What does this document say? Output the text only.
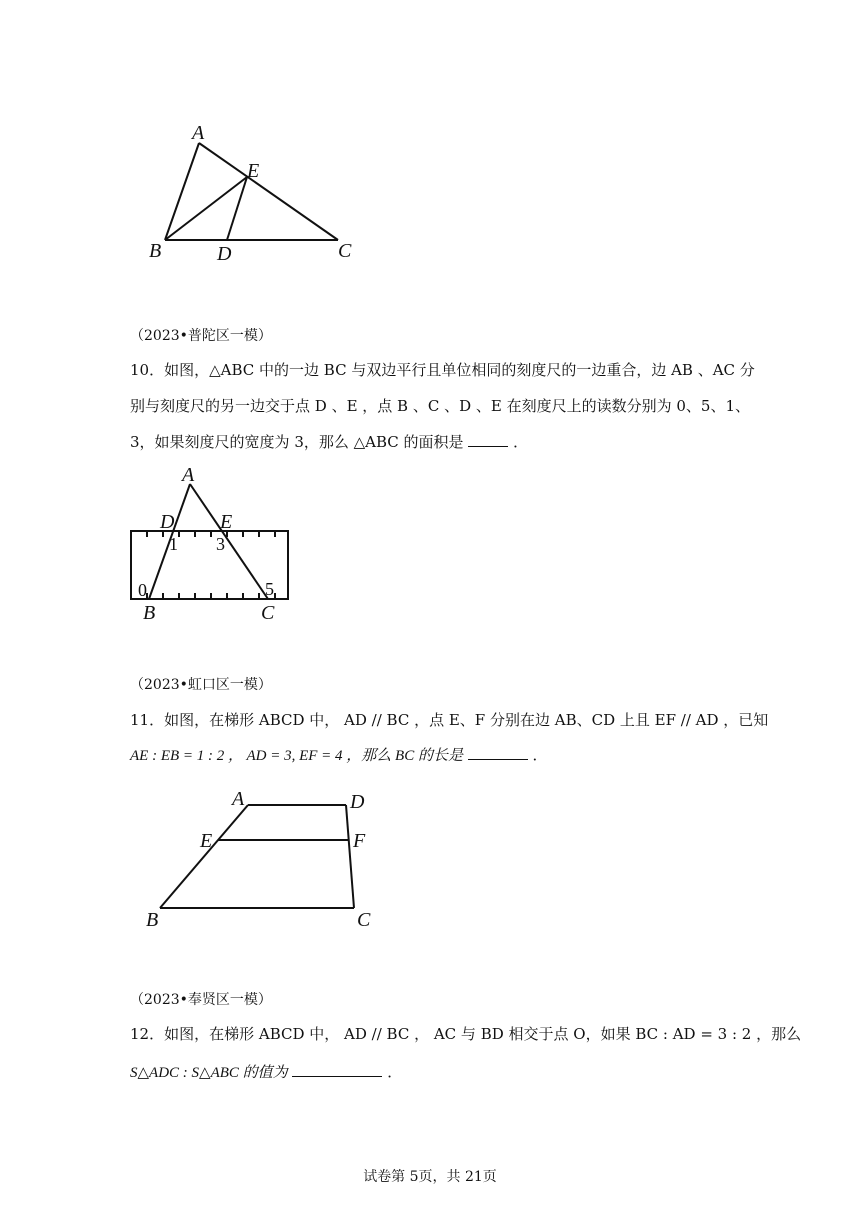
A
E
B	D	C
（2023•普陀区一模）
10．如图，△ABC 中的一边 BC 与双边平行且单位相同的刻度尺的一边重合，边 AB 、AC 分
别与刻度尺的另一边交于点 D 、E ，点 B 、C 、D 、E 在刻度尺上的读数分别为 0、5、1、
3，如果刻度尺的宽度为 3，那么 △ABC 的面积是	．
A
D E
1 3
0	5
B	C
（2023•虹口区一模）
11．如图，在梯形 ABCD 中， AD // BC ，点 E、F 分别在边 AB、CD 上且 EF // AD ，已知
AE : EB = 1 : 2 ， AD = 3, EF = 4 ，那么 BC 的长是	．
A	D
E	F
B	C
（2023•奉贤区一模）
12．如图，在梯形 ABCD 中， AD // BC ， AC 与 BD 相交于点 O，如果 BC : AD = 3 : 2 ，那么
S△ADC : S△ABC 的值为	．
试卷第 5页，共 21页
